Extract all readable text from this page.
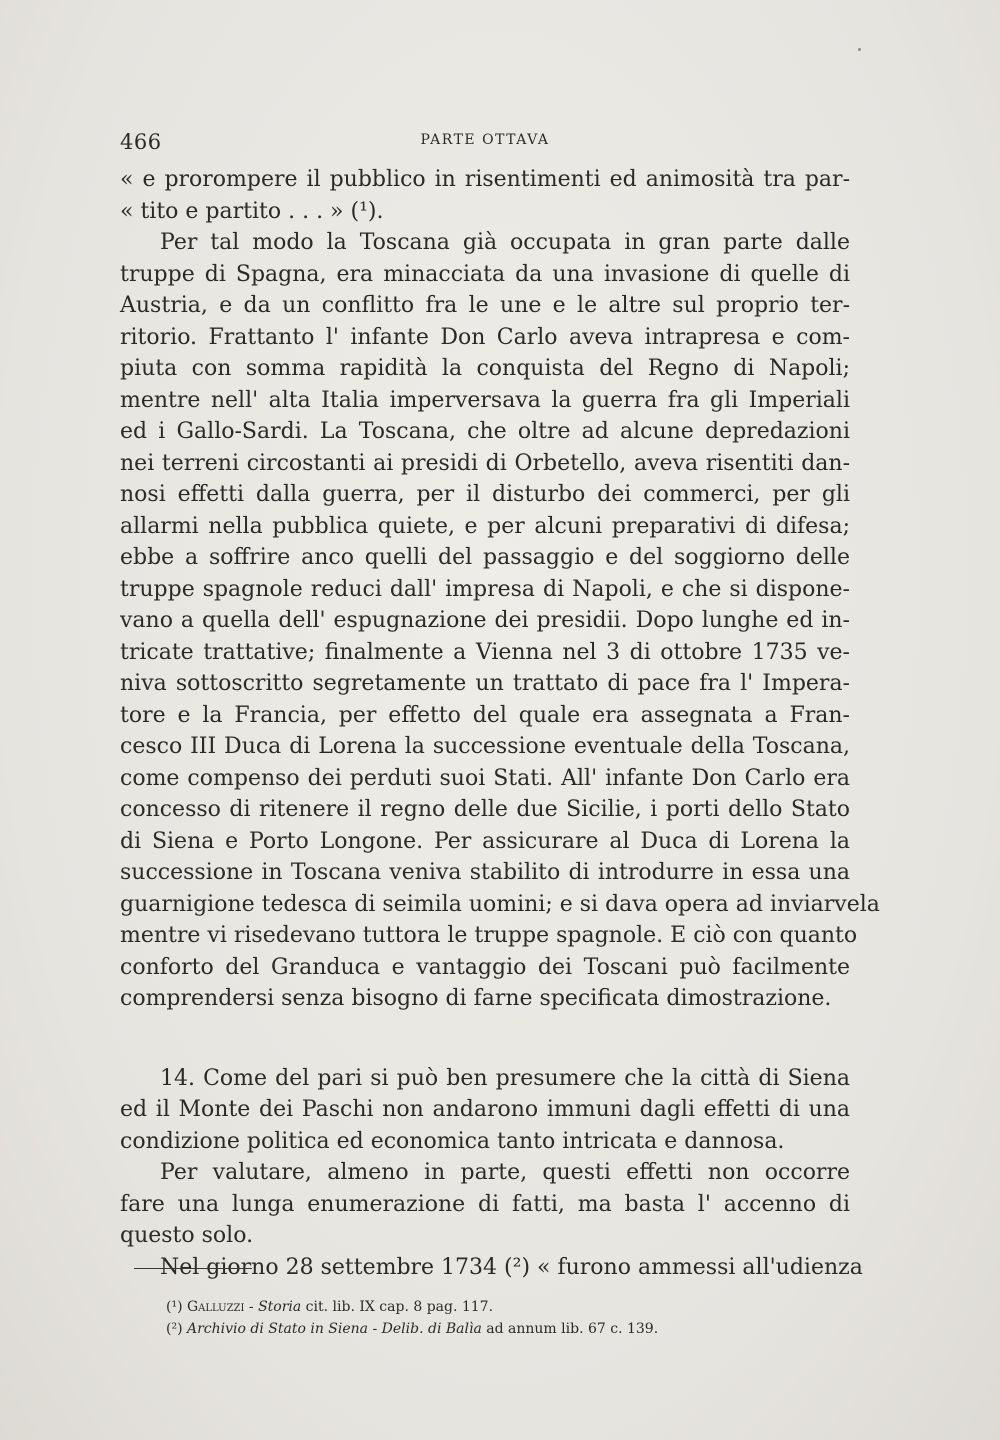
466	PARTE OTTAVA

« e prorompere il pubblico in risentimenti ed animosità tra par-
« tito e partito . . . » (¹).

Per tal modo la Toscana già occupata in gran parte dalle
truppe di Spagna, era minacciata da una invasione di quelle di
Austria, e da un conflitto fra le une e le altre sul proprio ter-
ritorio. Frattanto l' infante Don Carlo aveva intrapresa e com-
piuta con somma rapidità la conquista del Regno di Napoli;
mentre nell' alta Italia imperversava la guerra fra gli Imperiali
ed i Gallo-Sardi. La Toscana, che oltre ad alcune depredazioni
nei terreni circostanti ai presidi di Orbetello, aveva risentiti dan-
nosi effetti dalla guerra, per il disturbo dei commerci, per gli
allarmi nella pubblica quiete, e per alcuni preparativi di difesa;
ebbe a soffrire anco quelli del passaggio e del soggiorno delle
truppe spagnole reduci dall' impresa di Napoli, e che si dispone-
vano a quella dell' espugnazione dei presidii. Dopo lunghe ed in-
tricate trattative; finalmente a Vienna nel 3 di ottobre 1735 ve-
niva sottoscritto segretamente un trattato di pace fra l' Impera-
tore e la Francia, per effetto del quale era assegnata a Fran-
cesco III Duca di Lorena la successione eventuale della Toscana,
come compenso dei perduti suoi Stati. All' infante Don Carlo era
concesso di ritenere il regno delle due Sicilie, i porti dello Stato
di Siena e Porto Longone. Per assicurare al Duca di Lorena la
successione in Toscana veniva stabilito di introdurre in essa una
guarnigione tedesca di seimila uomini; e si dava opera ad inviarvela
mentre vi risedevano tuttora le truppe spagnole. E ciò con quanto
conforto del Granduca e vantaggio dei Toscani può facilmente
comprendersi senza bisogno di farne specificata dimostrazione.

14. Come del pari si può ben presumere che la città di Siena
ed il Monte dei Paschi non andarono immuni dagli effetti di una
condizione politica ed economica tanto intricata e dannosa.

Per valutare, almeno in parte, questi effetti non occorre
fare una lunga enumerazione di fatti, ma basta l' accenno di
questo solo.

Nel giorno 28 settembre 1734 (²) « furono ammessi all'udienza

(¹) Galluzzi - Storia cit. lib. IX cap. 8 pag. 117.
(²) Archivio di Stato in Siena - Delib. di Balìa ad annum lib. 67 c. 139.
